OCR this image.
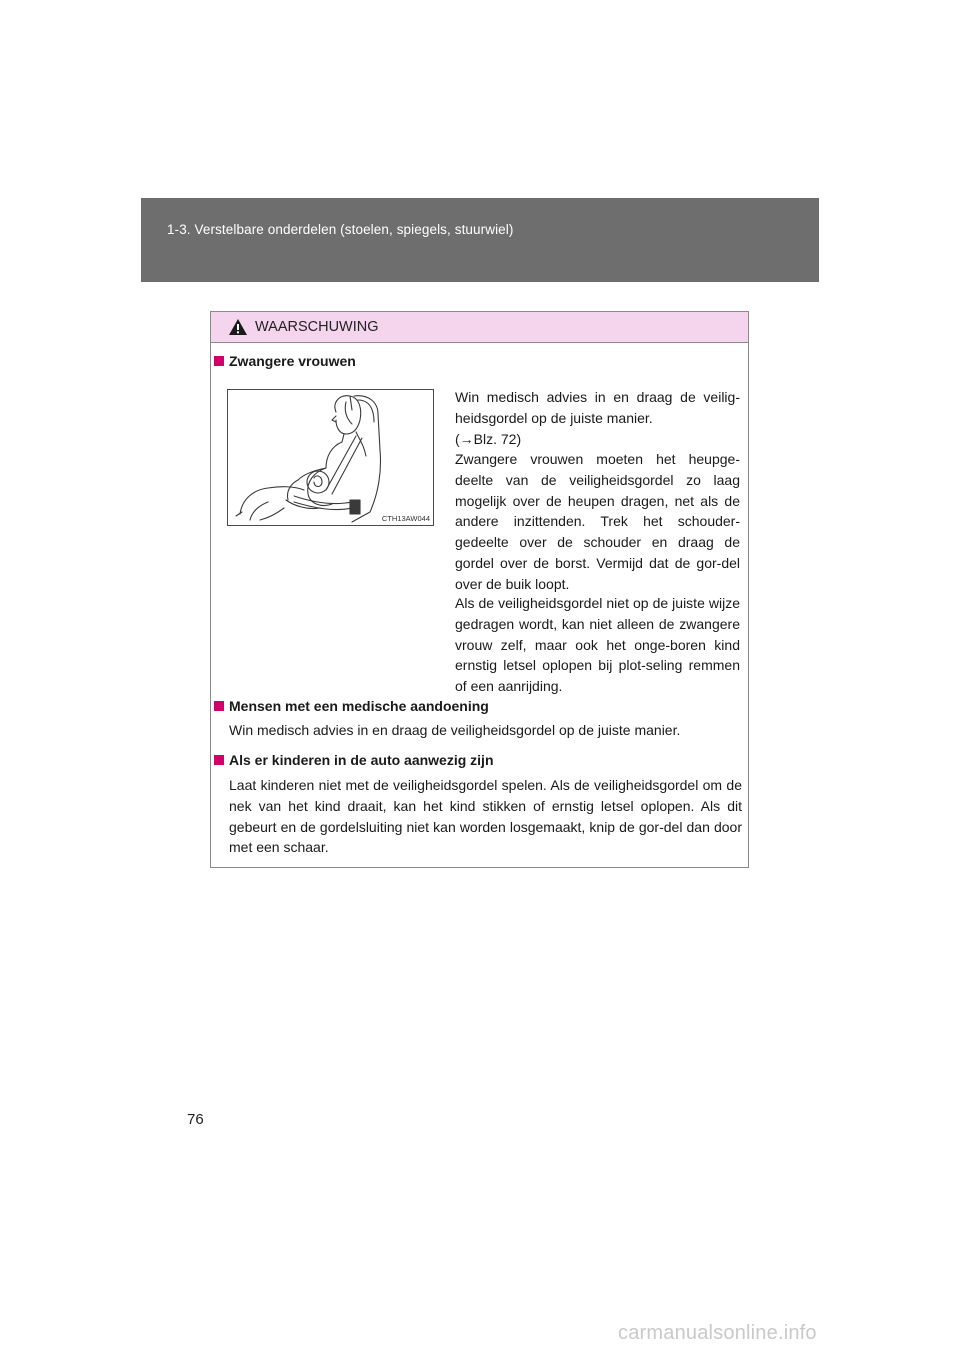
1-3. Verstelbare onderdelen (stoelen, spiegels, stuurwiel)
WAARSCHUWING
Zwangere vrouwen
CTH13AW044

Win medisch advies in en draag de veilig-heidsgordel op de juiste manier.

(→Blz. 72)

Zwangere vrouwen moeten het heupge-deelte van de veiligheidsgordel zo laag mogelijk over de heupen dragen, net als de andere inzittenden. Trek het schouder-gedeelte over de schouder en draag de gordel over de borst. Vermijd dat de gor-del over de buik loopt.

Als de veiligheidsgordel niet op de juiste wijze gedragen wordt, kan niet alleen de zwangere vrouw zelf, maar ook het onge-boren kind ernstig letsel oplopen bij plot-seling remmen of een aanrijding.

Mensen met een medische aandoening

Win medisch advies in en draag de veiligheidsgordel op de juiste manier.

Als er kinderen in de auto aanwezig zijn

Laat kinderen niet met de veiligheidsgordel spelen. Als de veiligheidsgordel om de nek van het kind draait, kan het kind stikken of ernstig letsel oplopen. Als dit gebeurt en de gordelsluiting niet kan worden losgemaakt, knip de gor-del dan door met een schaar.

76
carmanualsonline.info
